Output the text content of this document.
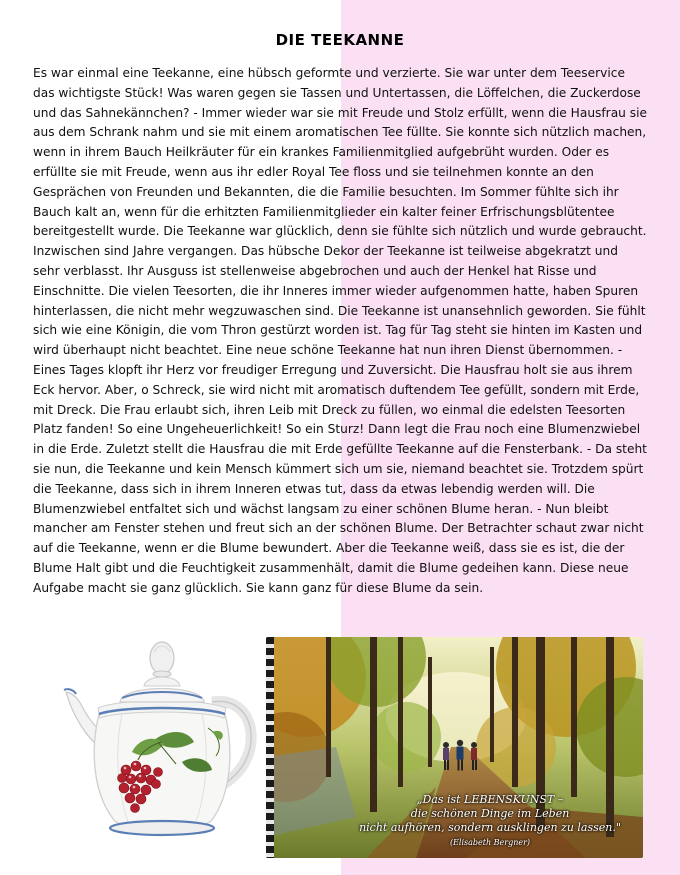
DIE TEEKANNE

Es war einmal eine Teekanne, eine hübsch geformte und verzierte. Sie war unter dem Teeservice das wichtigste Stück! Was waren gegen sie Tassen und Untertassen, die Löffelchen, die Zuckerdose und das Sahnekännchen? - Immer wieder war sie mit Freude und Stolz erfüllt, wenn die Hausfrau sie aus dem Schrank nahm und sie mit einem aromatischen Tee füllte. Sie konnte sich nützlich machen, wenn in ihrem Bauch Heilkräuter für ein krankes Familienmitglied aufgebrüht wurden. Oder es erfüllte sie mit Freude, wenn aus ihr edler Royal Tee floss und sie teilnehmen konnte an den Gesprächen von Freunden und Bekannten, die die Familie besuchten. Im Sommer fühlte sich ihr Bauch kalt an, wenn für die erhitzten Familienmitglieder ein kalter feiner Erfrischungsblütentee bereitgestellt wurde. Die Teekanne war glücklich, denn sie fühlte sich nützlich und wurde gebraucht. Inzwischen sind Jahre vergangen. Das hübsche Dekor der Teekanne ist teilweise abgekratzt und sehr verblasst. Ihr Ausguss ist stellenweise abgebrochen und auch der Henkel hat Risse und Einschnitte. Die vielen Teesorten, die ihr Inneres immer wieder aufgenommen hatte, haben Spuren hinterlassen, die nicht mehr wegzuwaschen sind. Die Teekanne ist unansehnlich geworden. Sie fühlt sich wie eine Königin, die vom Thron gestürzt worden ist. Tag für Tag steht sie hinten im Kasten und wird überhaupt nicht beachtet. Eine neue schöne Teekanne hat nun ihren Dienst übernommen. - Eines Tages klopft ihr Herz vor freudiger Erregung und Zuversicht. Die Hausfrau holt sie aus ihrem Eck hervor. Aber, o Schreck, sie wird nicht mit aromatisch duftendem Tee gefüllt, sondern mit Erde, mit Dreck. Die Frau erlaubt sich, ihren Leib mit Dreck zu füllen, wo einmal die edelsten Teesorten Platz fanden! So eine Ungeheuerlichkeit! So ein Sturz! Dann legt die Frau noch eine Blumenzwiebel in die Erde. Zuletzt stellt die Hausfrau die mit Erde gefüllte Teekanne auf die Fensterbank. - Da steht sie nun, die Teekanne und kein Mensch kümmert sich um sie, niemand beachtet sie. Trotzdem spürt die Teekanne, dass sich in ihrem Inneren etwas tut, dass da etwas lebendig werden will. Die Blumenzwiebel entfaltet sich und wächst langsam zu einer schönen Blume heran. - Nun bleibt mancher am Fenster stehen und freut sich an der schönen Blume. Der Betrachter schaut zwar nicht auf die Teekanne, wenn er die Blume bewundert. Aber die Teekanne weiß, dass sie es ist, die der Blume Halt gibt und die Feuchtigkeit zusammenhält, damit die Blume gedeihen kann. Diese neue Aufgabe macht sie ganz glücklich. Sie kann ganz für diese Blume da sein.

„Das ist LEBENSKUNST –
die schönen Dinge im Leben
nicht aufhören, sondern ausklingen zu lassen."
(Elisabeth Bergner)
